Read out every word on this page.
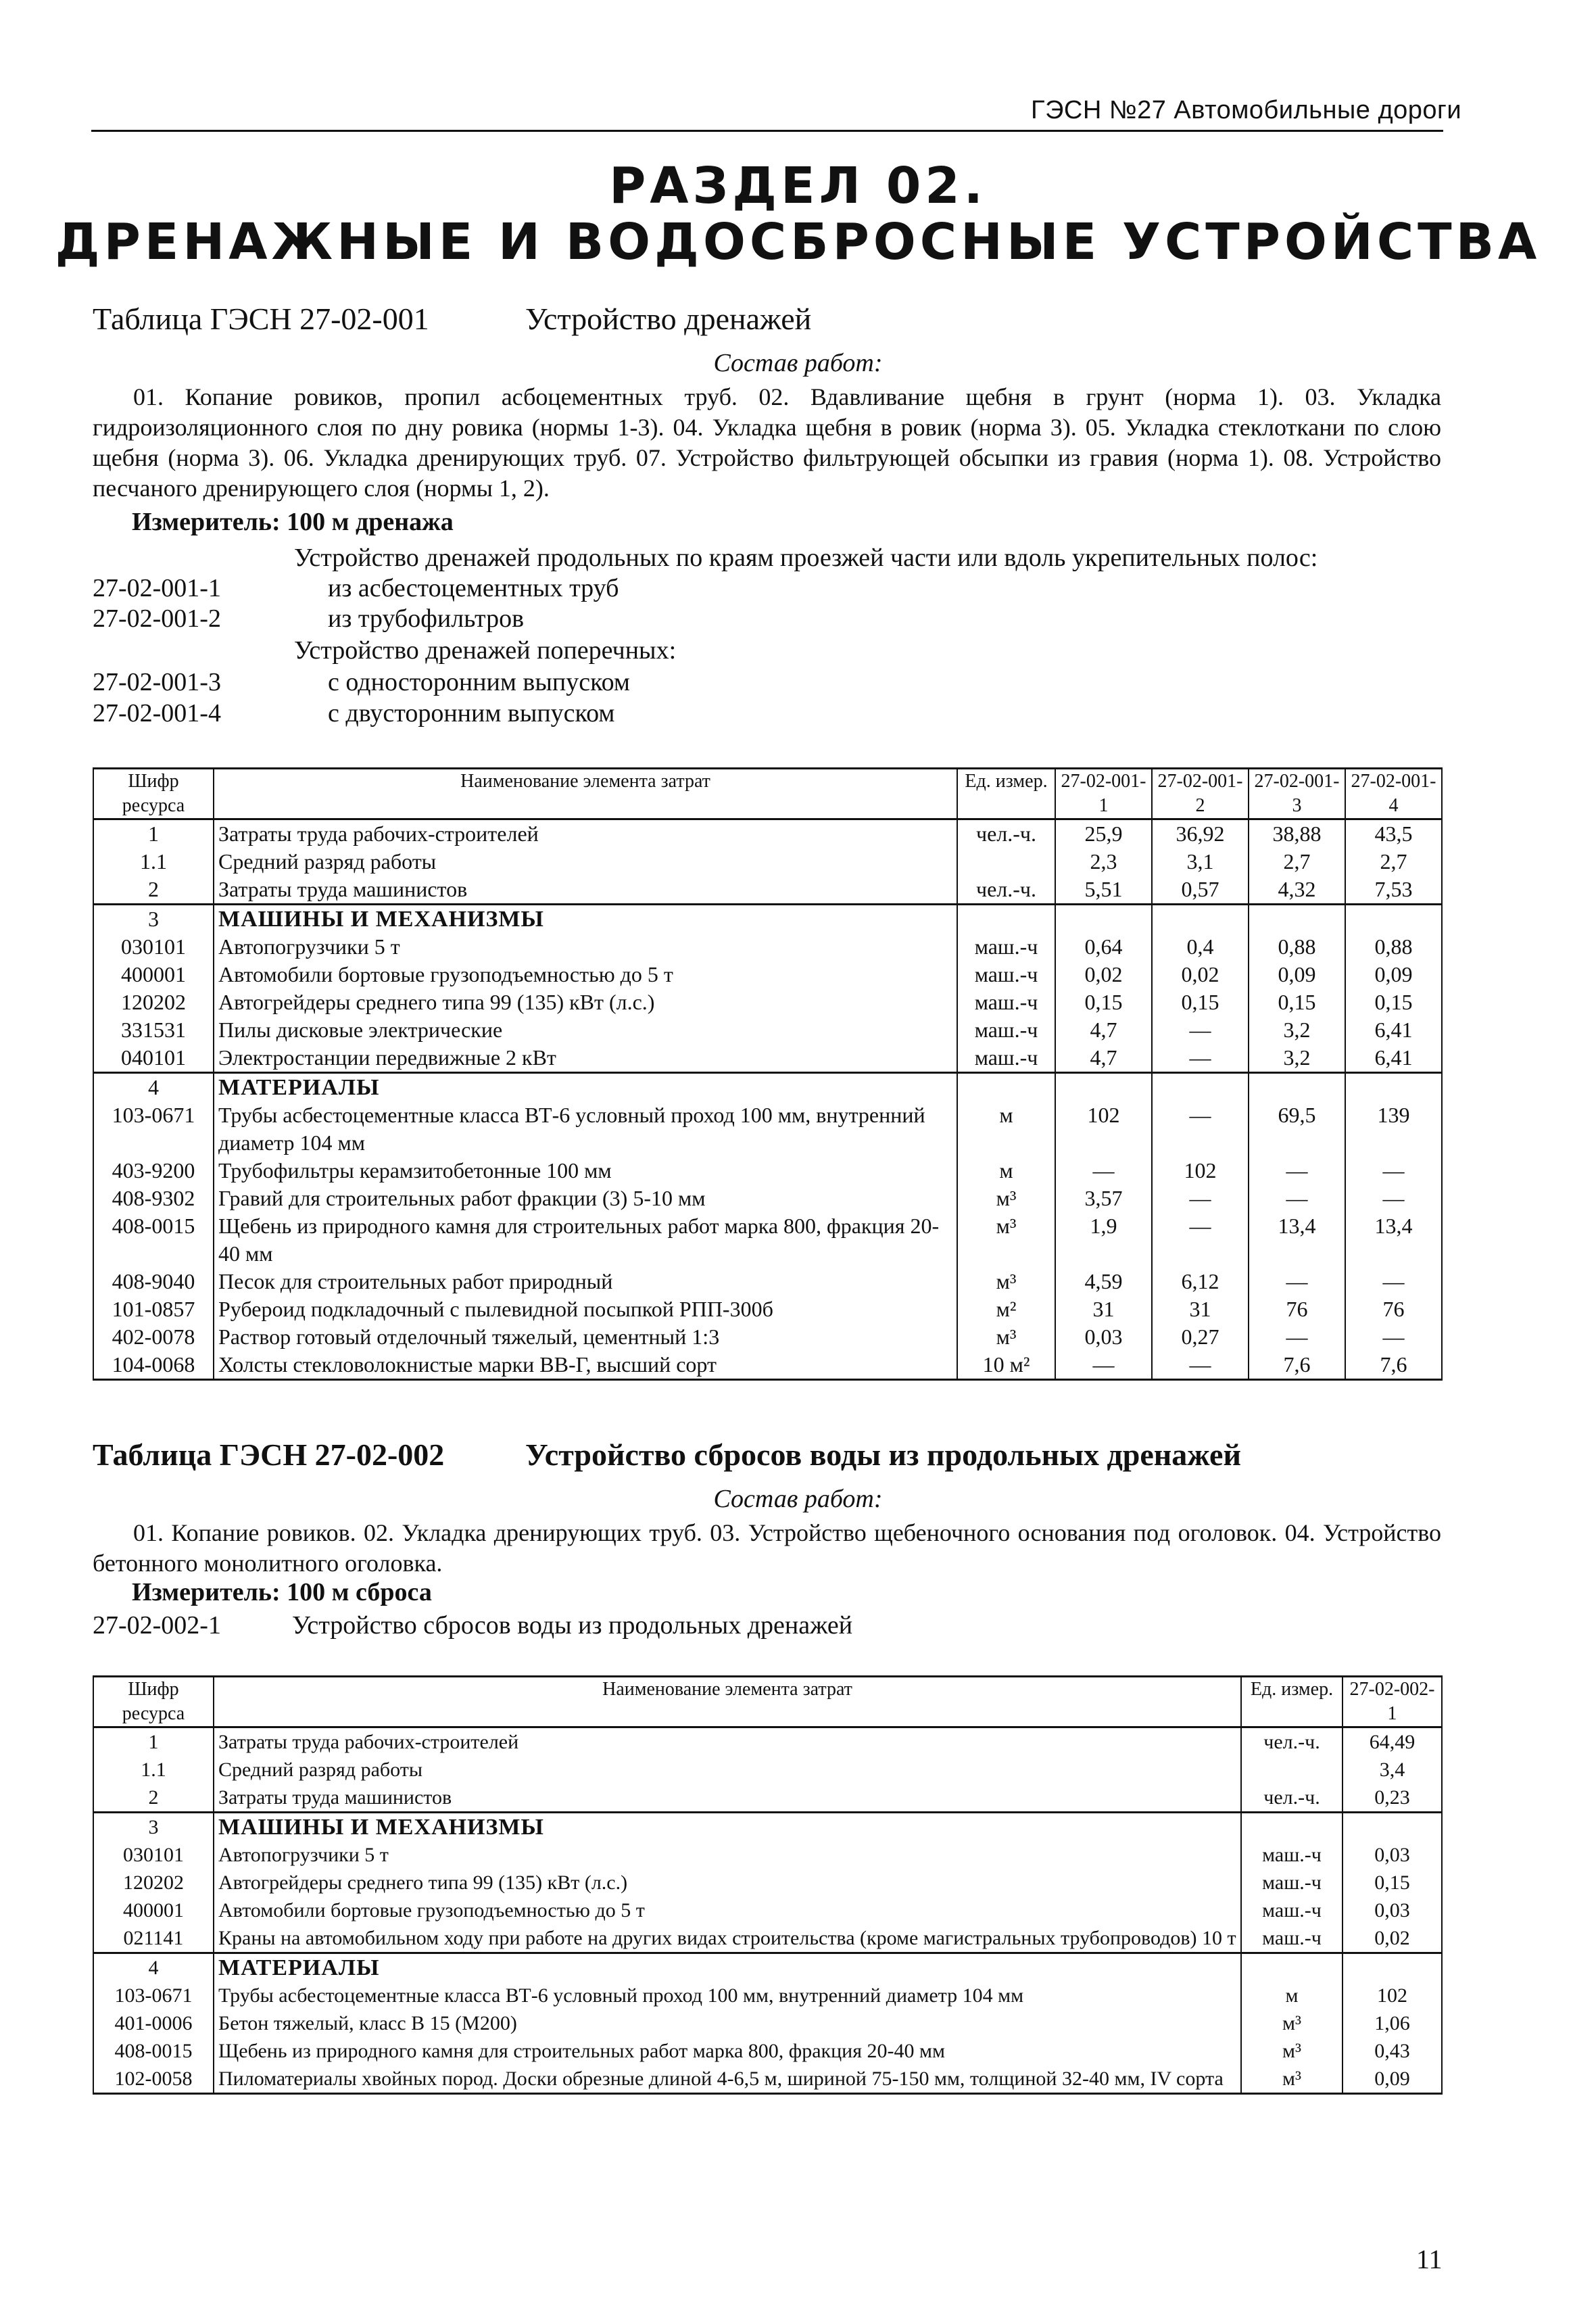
ГЭСН №27 Автомобильные дороги
РАЗДЕЛ 02.
ДРЕНАЖНЫЕ И ВОДОСБРОСНЫЕ УСТРОЙСТВА
Таблица ГЭСН 27-02-001	Устройство дренажей
Состав работ:
01. Копание ровиков, пропил асбоцементных труб. 02. Вдавливание щебня в грунт (норма 1). 03. Укладка гидроизоляционного слоя по дну ровика (нормы 1-3). 04. Укладка щебня в ровик (норма 3). 05. Укладка стеклоткани по слою щебня (норма 3). 06. Укладка дренирующих труб. 07. Устройство фильтрующей обсыпки из гравия (норма 1). 08. Устройство песчаного дренирующего слоя (нормы 1, 2).
Измеритель: 100 м дренажа
Устройство дренажей продольных по краям проезжей части или вдоль укрепительных полос:
27-02-001-1	из асбестоцементных труб
27-02-001-2	из трубофильтров
Устройство дренажей поперечных:
27-02-001-3	с односторонним выпуском
27-02-001-4	с двусторонним выпуском
Шифр ресурса	Наименование элемента затрат	Ед. измер.	27-02-001-1	27-02-001-2	27-02-001-3	27-02-001-4
1	Затраты труда рабочих-строителей	чел.-ч.	25,9	36,92	38,88	43,5
1.1	Средний разряд работы		2,3	3,1	2,7	2,7
2	Затраты труда машинистов	чел.-ч.	5,51	0,57	4,32	7,53
3	МАШИНЫ И МЕХАНИЗМЫ					
030101	Автопогрузчики 5 т	маш.-ч	0,64	0,4	0,88	0,88
400001	Автомобили бортовые грузоподъемностью до 5 т	маш.-ч	0,02	0,02	0,09	0,09
120202	Автогрейдеры среднего типа 99 (135) кВт (л.с.)	маш.-ч	0,15	0,15	0,15	0,15
331531	Пилы дисковые электрические	маш.-ч	4,7	—	3,2	6,41
040101	Электростанции передвижные 2 кВт	маш.-ч	4,7	—	3,2	6,41
4	МАТЕРИАЛЫ					
103-0671	Трубы асбестоцементные класса ВТ-6 условный проход 100 мм, внутренний диаметр 104 мм	м	102	—	69,5	139
403-9200	Трубофильтры керамзитобетонные 100 мм	м	—	102	—	—
408-9302	Гравий для строительных работ фракции (3) 5-10 мм	м³	3,57	—	—	—
408-0015	Щебень из природного камня для строительных работ марка 800, фракция 20-40 мм	м³	1,9	—	13,4	13,4
408-9040	Песок для строительных работ природный	м³	4,59	6,12	—	—
101-0857	Рубероид подкладочный с пылевидной посыпкой РПП-300б	м²	31	31	76	76
402-0078	Раствор готовый отделочный тяжелый, цементный 1:3	м³	0,03	0,27	—	—
104-0068	Холсты стекловолокнистые марки ВВ-Г, высший сорт	10 м²	—	—	7,6	7,6
Таблица ГЭСН 27-02-002	Устройство сбросов воды из продольных дренажей
Состав работ:
01. Копание ровиков. 02. Укладка дренирующих труб. 03. Устройство щебеночного основания под оголовок. 04. Устройство бетонного монолитного оголовка.
Измеритель: 100 м сброса
27-02-002-1	Устройство сбросов воды из продольных дренажей
Шифр ресурса	Наименование элемента затрат	Ед. измер.	27-02-002-1
1	Затраты труда рабочих-строителей	чел.-ч.	64,49
1.1	Средний разряд работы		3,4
2	Затраты труда машинистов	чел.-ч.	0,23
3	МАШИНЫ И МЕХАНИЗМЫ		
030101	Автопогрузчики 5 т	маш.-ч	0,03
120202	Автогрейдеры среднего типа 99 (135) кВт (л.с.)	маш.-ч	0,15
400001	Автомобили бортовые грузоподъемностью до 5 т	маш.-ч	0,03
021141	Краны на автомобильном ходу при работе на других видах строительства (кроме магистральных трубопроводов) 10 т	маш.-ч	0,02
4	МАТЕРИАЛЫ		
103-0671	Трубы асбестоцементные класса ВТ-6 условный проход 100 мм, внутренний диаметр 104 мм	м	102
401-0006	Бетон тяжелый, класс В 15 (М200)	м³	1,06
408-0015	Щебень из природного камня для строительных работ марка 800, фракция 20-40 мм	м³	0,43
102-0058	Пиломатериалы хвойных пород. Доски обрезные длиной 4-6,5 м, шириной 75-150 мм, толщиной 32-40 мм, IV сорта	м³	0,09
11
